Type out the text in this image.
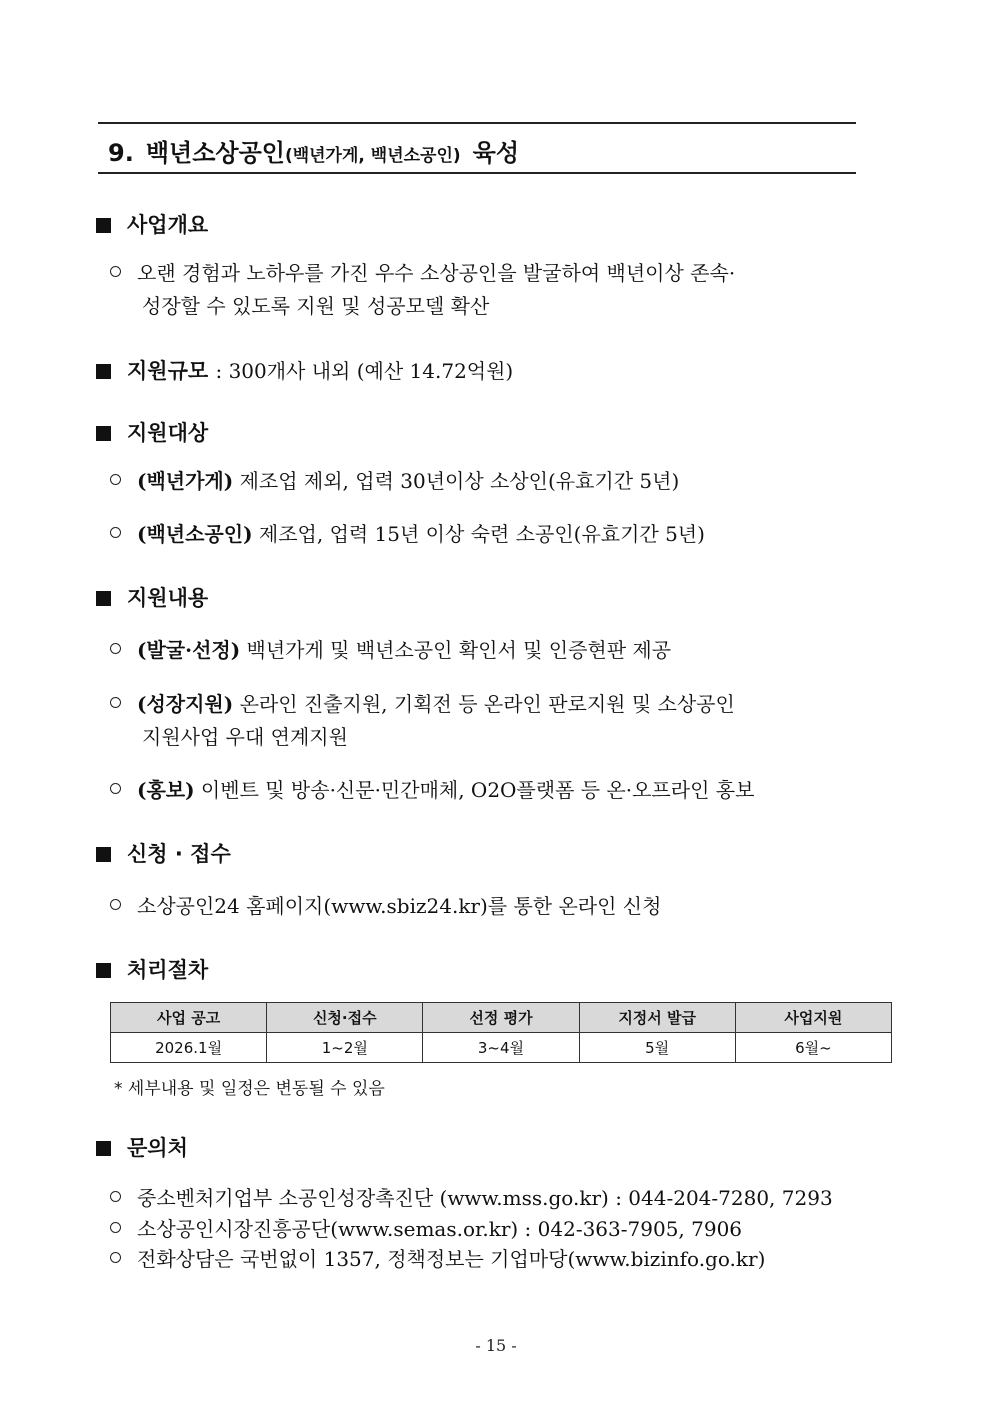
9. 백년소상공인(백년가게, 백년소공인) 육성
사업개요
오랜 경험과 노하우를 가진 우수 소상공인을 발굴하여 백년이상 존속·
성장할 수 있도록 지원 및 성공모델 확산
지원규모 : 300개사 내외 (예산 14.72억원)
지원대상
(백년가게) 제조업 제외, 업력 30년이상 소상인(유효기간 5년)
(백년소공인) 제조업, 업력 15년 이상 숙련 소공인(유효기간 5년)
지원내용
(발굴·선정) 백년가게 및 백년소공인 확인서 및 인증현판 제공
(성장지원) 온라인 진출지원, 기획전 등 온라인 판로지원 및 소상공인
지원사업 우대 연계지원
(홍보) 이벤트 및 방송·신문·민간매체, O2O플랫폼 등 온·오프라인 홍보
신청 · 접수
소상공인24 홈페이지(www.sbiz24.kr)를 통한 온라인 신청
처리절차
사업 공고	신청·접수	선정 평가	지정서 발급	사업지원
2026.1월	1~2월	3~4월	5월	6월~
* 세부내용 및 일정은 변동될 수 있음
문의처
중소벤처기업부 소공인성장촉진단 (www.mss.go.kr) : 044-204-7280, 7293
소상공인시장진흥공단(www.semas.or.kr) : 042-363-7905, 7906
전화상담은 국번없이 1357, 정책정보는 기업마당(www.bizinfo.go.kr)
- 15 -
